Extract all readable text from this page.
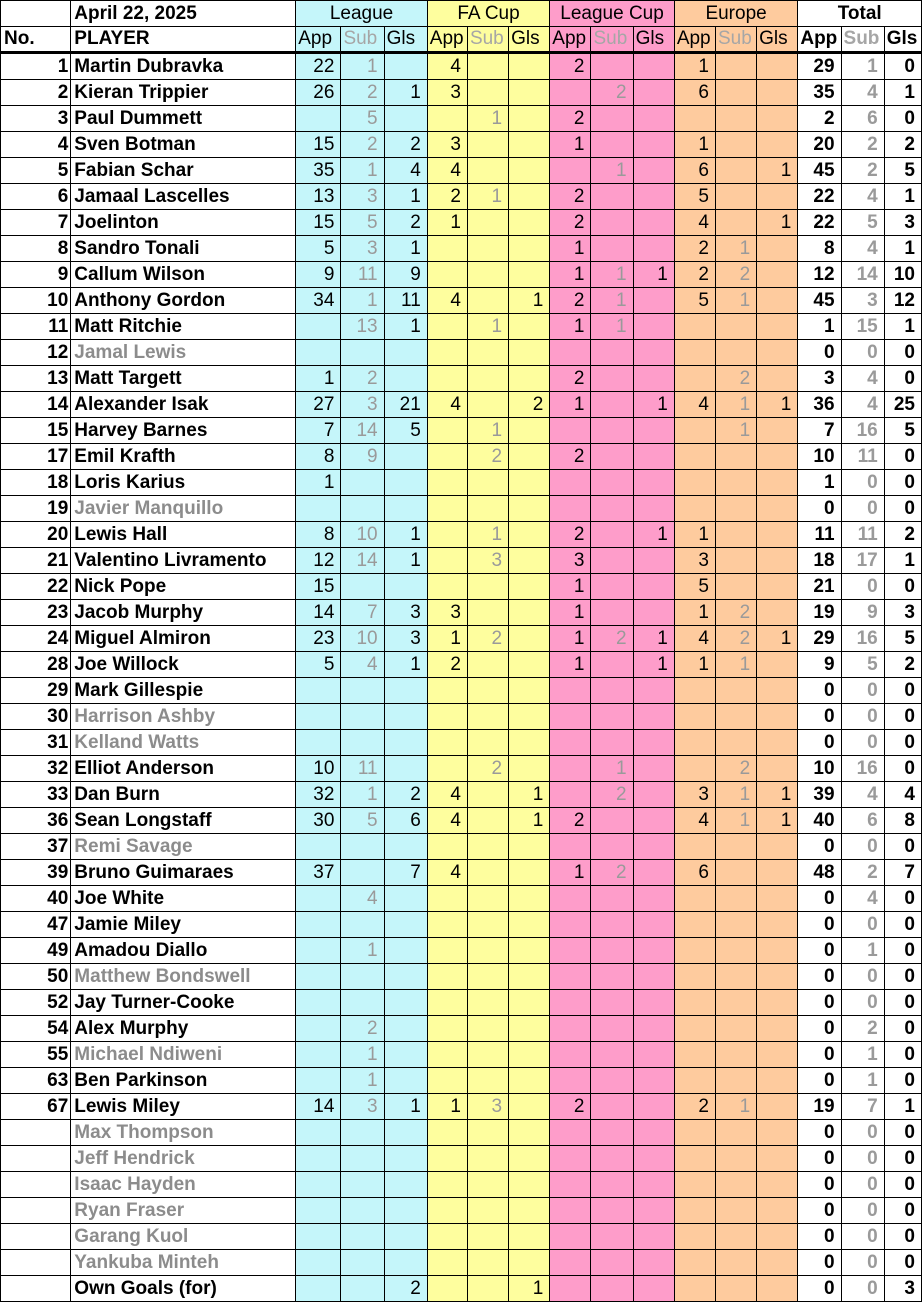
	April 22, 2025	League			FA Cup			League Cup			Europe			Total		
No.	PLAYER	App	Sub	Gls	App	Sub	Gls	App	Sub	Gls	App	Sub	Gls	App	Sub	Gls
1	Martin Dubravka	22	1		4			2			1			29	1	0
2	Kieran Trippier	26	2	1	3				2		6			35	4	1
3	Paul Dummett		5			1		2						2	6	0
4	Sven Botman	15	2	2	3			1			1			20	2	2
5	Fabian Schar	35	1	4	4				1		6		1	45	2	5
6	Jamaal Lascelles	13	3	1	2	1		2			5			22	4	1
7	Joelinton	15	5	2	1			2			4		1	22	5	3
8	Sandro Tonali	5	3	1				1			2	1		8	4	1
9	Callum Wilson	9	11	9				1	1	1	2	2		12	14	10
10	Anthony Gordon	34	1	11	4		1	2	1		5	1		45	3	12
11	Matt Ritchie		13	1		1		1	1					1	15	1
12	Jamal Lewis													0	0	0
13	Matt Targett	1	2					2				2		3	4	0
14	Alexander Isak	27	3	21	4		2	1		1	4	1	1	36	4	25
15	Harvey Barnes	7	14	5		1						1		7	16	5
17	Emil Krafth	8	9			2		2						10	11	0
18	Loris Karius	1												1	0	0
19	Javier Manquillo													0	0	0
20	Lewis Hall	8	10	1		1		2		1	1			11	11	2
21	Valentino Livramento	12	14	1		3		3			3			18	17	1
22	Nick Pope	15						1			5			21	0	0
23	Jacob Murphy	14	7	3	3			1			1	2		19	9	3
24	Miguel Almiron	23	10	3	1	2		1	2	1	4	2	1	29	16	5
28	Joe Willock	5	4	1	2			1		1	1	1		9	5	2
29	Mark Gillespie													0	0	0
30	Harrison Ashby													0	0	0
31	Kelland Watts													0	0	0
32	Elliot Anderson	10	11			2			1			2		10	16	0
33	Dan Burn	32	1	2	4		1		2		3	1	1	39	4	4
36	Sean Longstaff	30	5	6	4		1	2			4	1	1	40	6	8
37	Remi Savage													0	0	0
39	Bruno Guimaraes	37		7	4			1	2		6			48	2	7
40	Joe White		4											0	4	0
47	Jamie Miley													0	0	0
49	Amadou Diallo		1											0	1	0
50	Matthew Bondswell													0	0	0
52	Jay Turner-Cooke													0	0	0
54	Alex Murphy		2											0	2	0
55	Michael Ndiweni		1											0	1	0
63	Ben Parkinson		1											0	1	0
67	Lewis Miley	14	3	1	1	3		2			2	1		19	7	1
	Max Thompson													0	0	0
	Jeff Hendrick													0	0	0
	Isaac Hayden													0	0	0
	Ryan Fraser													0	0	0
	Garang Kuol													0	0	0
	Yankuba Minteh													0	0	0
	Own Goals (for)			2			1							0	0	3
